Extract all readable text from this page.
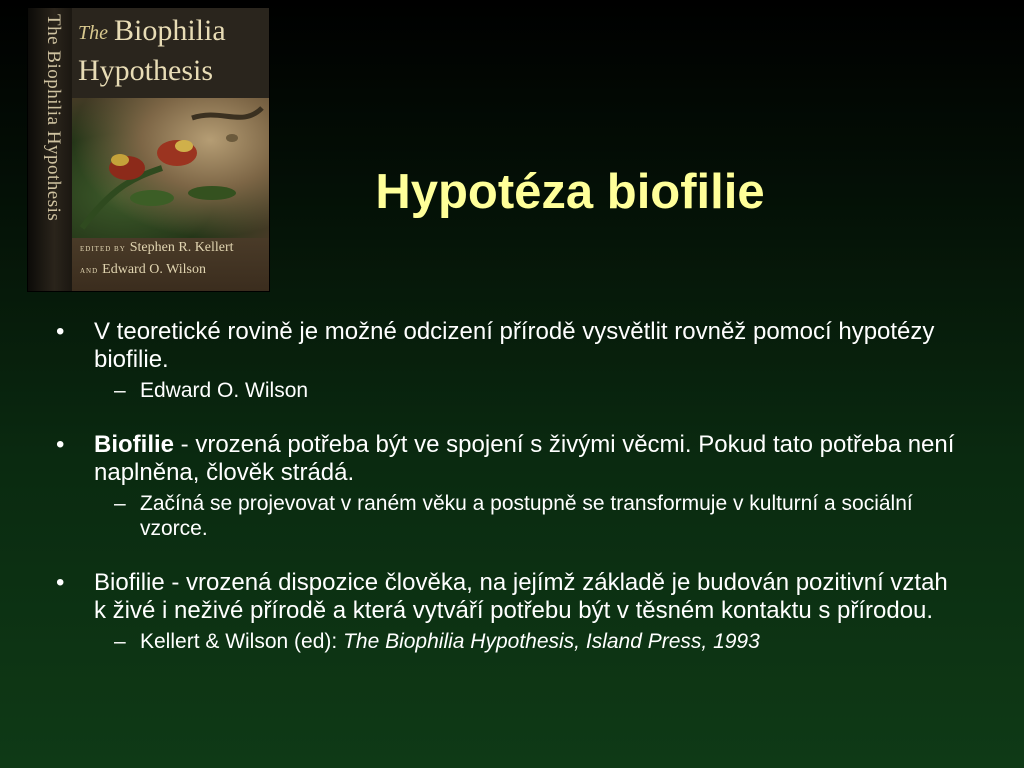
The Biophilia Hypothesis The Biophilia
Hypothesis
EDITED BY Stephen R. Kellert
AND Edward O. Wilson
Hypotéza biofilie
• V teoretické rovině je možné odcizení přírodě vysvětlit rovněž pomocí hypotézy biofilie.
– Edward O. Wilson
• Biofilie - vrozená potřeba být ve spojení s živými věcmi. Pokud tato potřeba není naplněna, člověk strádá.
– Začíná se projevovat v raném věku a postupně se transformuje v kulturní a sociální vzorce.
• Biofilie - vrozená dispozice člověka, na jejímž základě je budován pozitivní vztah k živé i neživé přírodě a která vytváří potřebu být v těsném kontaktu s přírodou.
– Kellert & Wilson (ed): The Biophilia Hypothesis, Island Press, 1993
